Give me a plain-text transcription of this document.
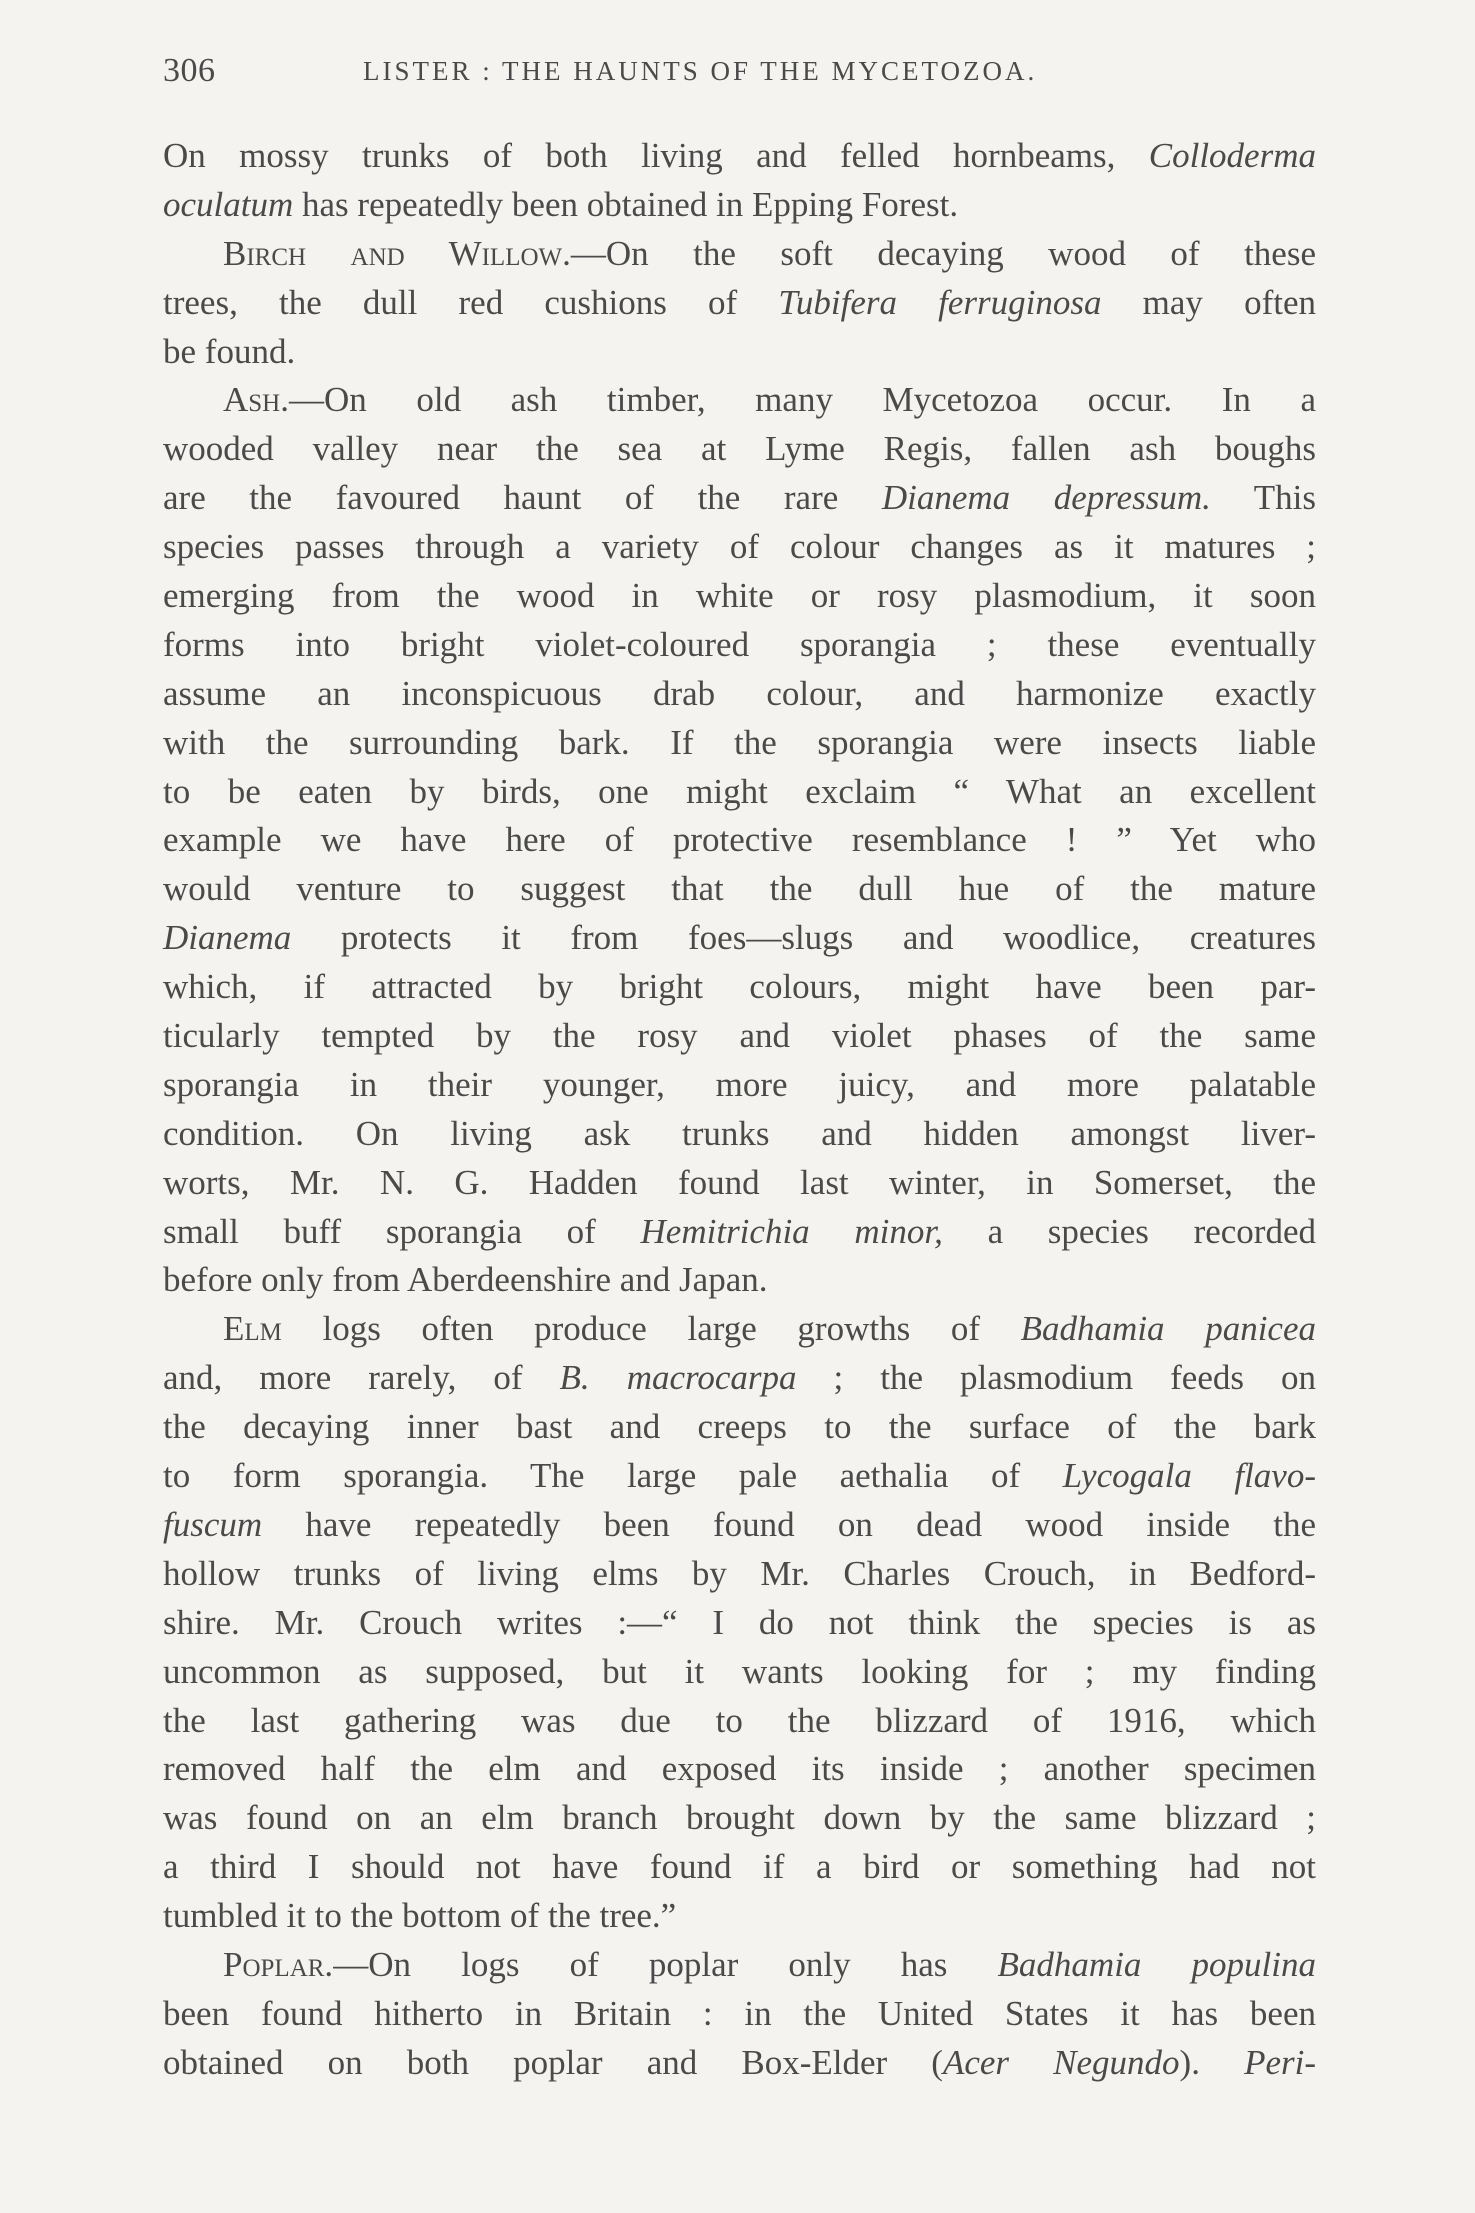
306	LISTER : THE HAUNTS OF THE MYCETOZOA.
On mossy trunks of both living and felled hornbeams, Colloderma
oculatum has repeatedly been obtained in Epping Forest.
Birch and Willow.—On the soft decaying wood of these
trees, the dull red cushions of Tubifera ferruginosa may often
be found.
Ash.—On old ash timber, many Mycetozoa occur. In a
wooded valley near the sea at Lyme Regis, fallen ash boughs
are the favoured haunt of the rare Dianema depressum. This
species passes through a variety of colour changes as it matures ;
emerging from the wood in white or rosy plasmodium, it soon
forms into bright violet-coloured sporangia ; these eventually
assume an inconspicuous drab colour, and harmonize exactly
with the surrounding bark. If the sporangia were insects liable
to be eaten by birds, one might exclaim “ What an excellent
example we have here of protective resemblance ! ” Yet who
would venture to suggest that the dull hue of the mature
Dianema protects it from foes—slugs and woodlice, creatures
which, if attracted by bright colours, might have been par-
ticularly tempted by the rosy and violet phases of the same
sporangia in their younger, more juicy, and more palatable
condition. On living ask trunks and hidden amongst liver-
worts, Mr. N. G. Hadden found last winter, in Somerset, the
small buff sporangia of Hemitrichia minor, a species recorded
before only from Aberdeenshire and Japan.
Elm logs often produce large growths of Badhamia panicea
and, more rarely, of B. macrocarpa ; the plasmodium feeds on
the decaying inner bast and creeps to the surface of the bark
to form sporangia. The large pale aethalia of Lycogala flavo-
fuscum have repeatedly been found on dead wood inside the
hollow trunks of living elms by Mr. Charles Crouch, in Bedford-
shire. Mr. Crouch writes :—“ I do not think the species is as
uncommon as supposed, but it wants looking for ; my finding
the last gathering was due to the blizzard of 1916, which
removed half the elm and exposed its inside ; another specimen
was found on an elm branch brought down by the same blizzard ;
a third I should not have found if a bird or something had not
tumbled it to the bottom of the tree.”
Poplar.—On logs of poplar only has Badhamia populina
been found hitherto in Britain : in the United States it has been
obtained on both poplar and Box-Elder (Acer Negundo). Peri-
